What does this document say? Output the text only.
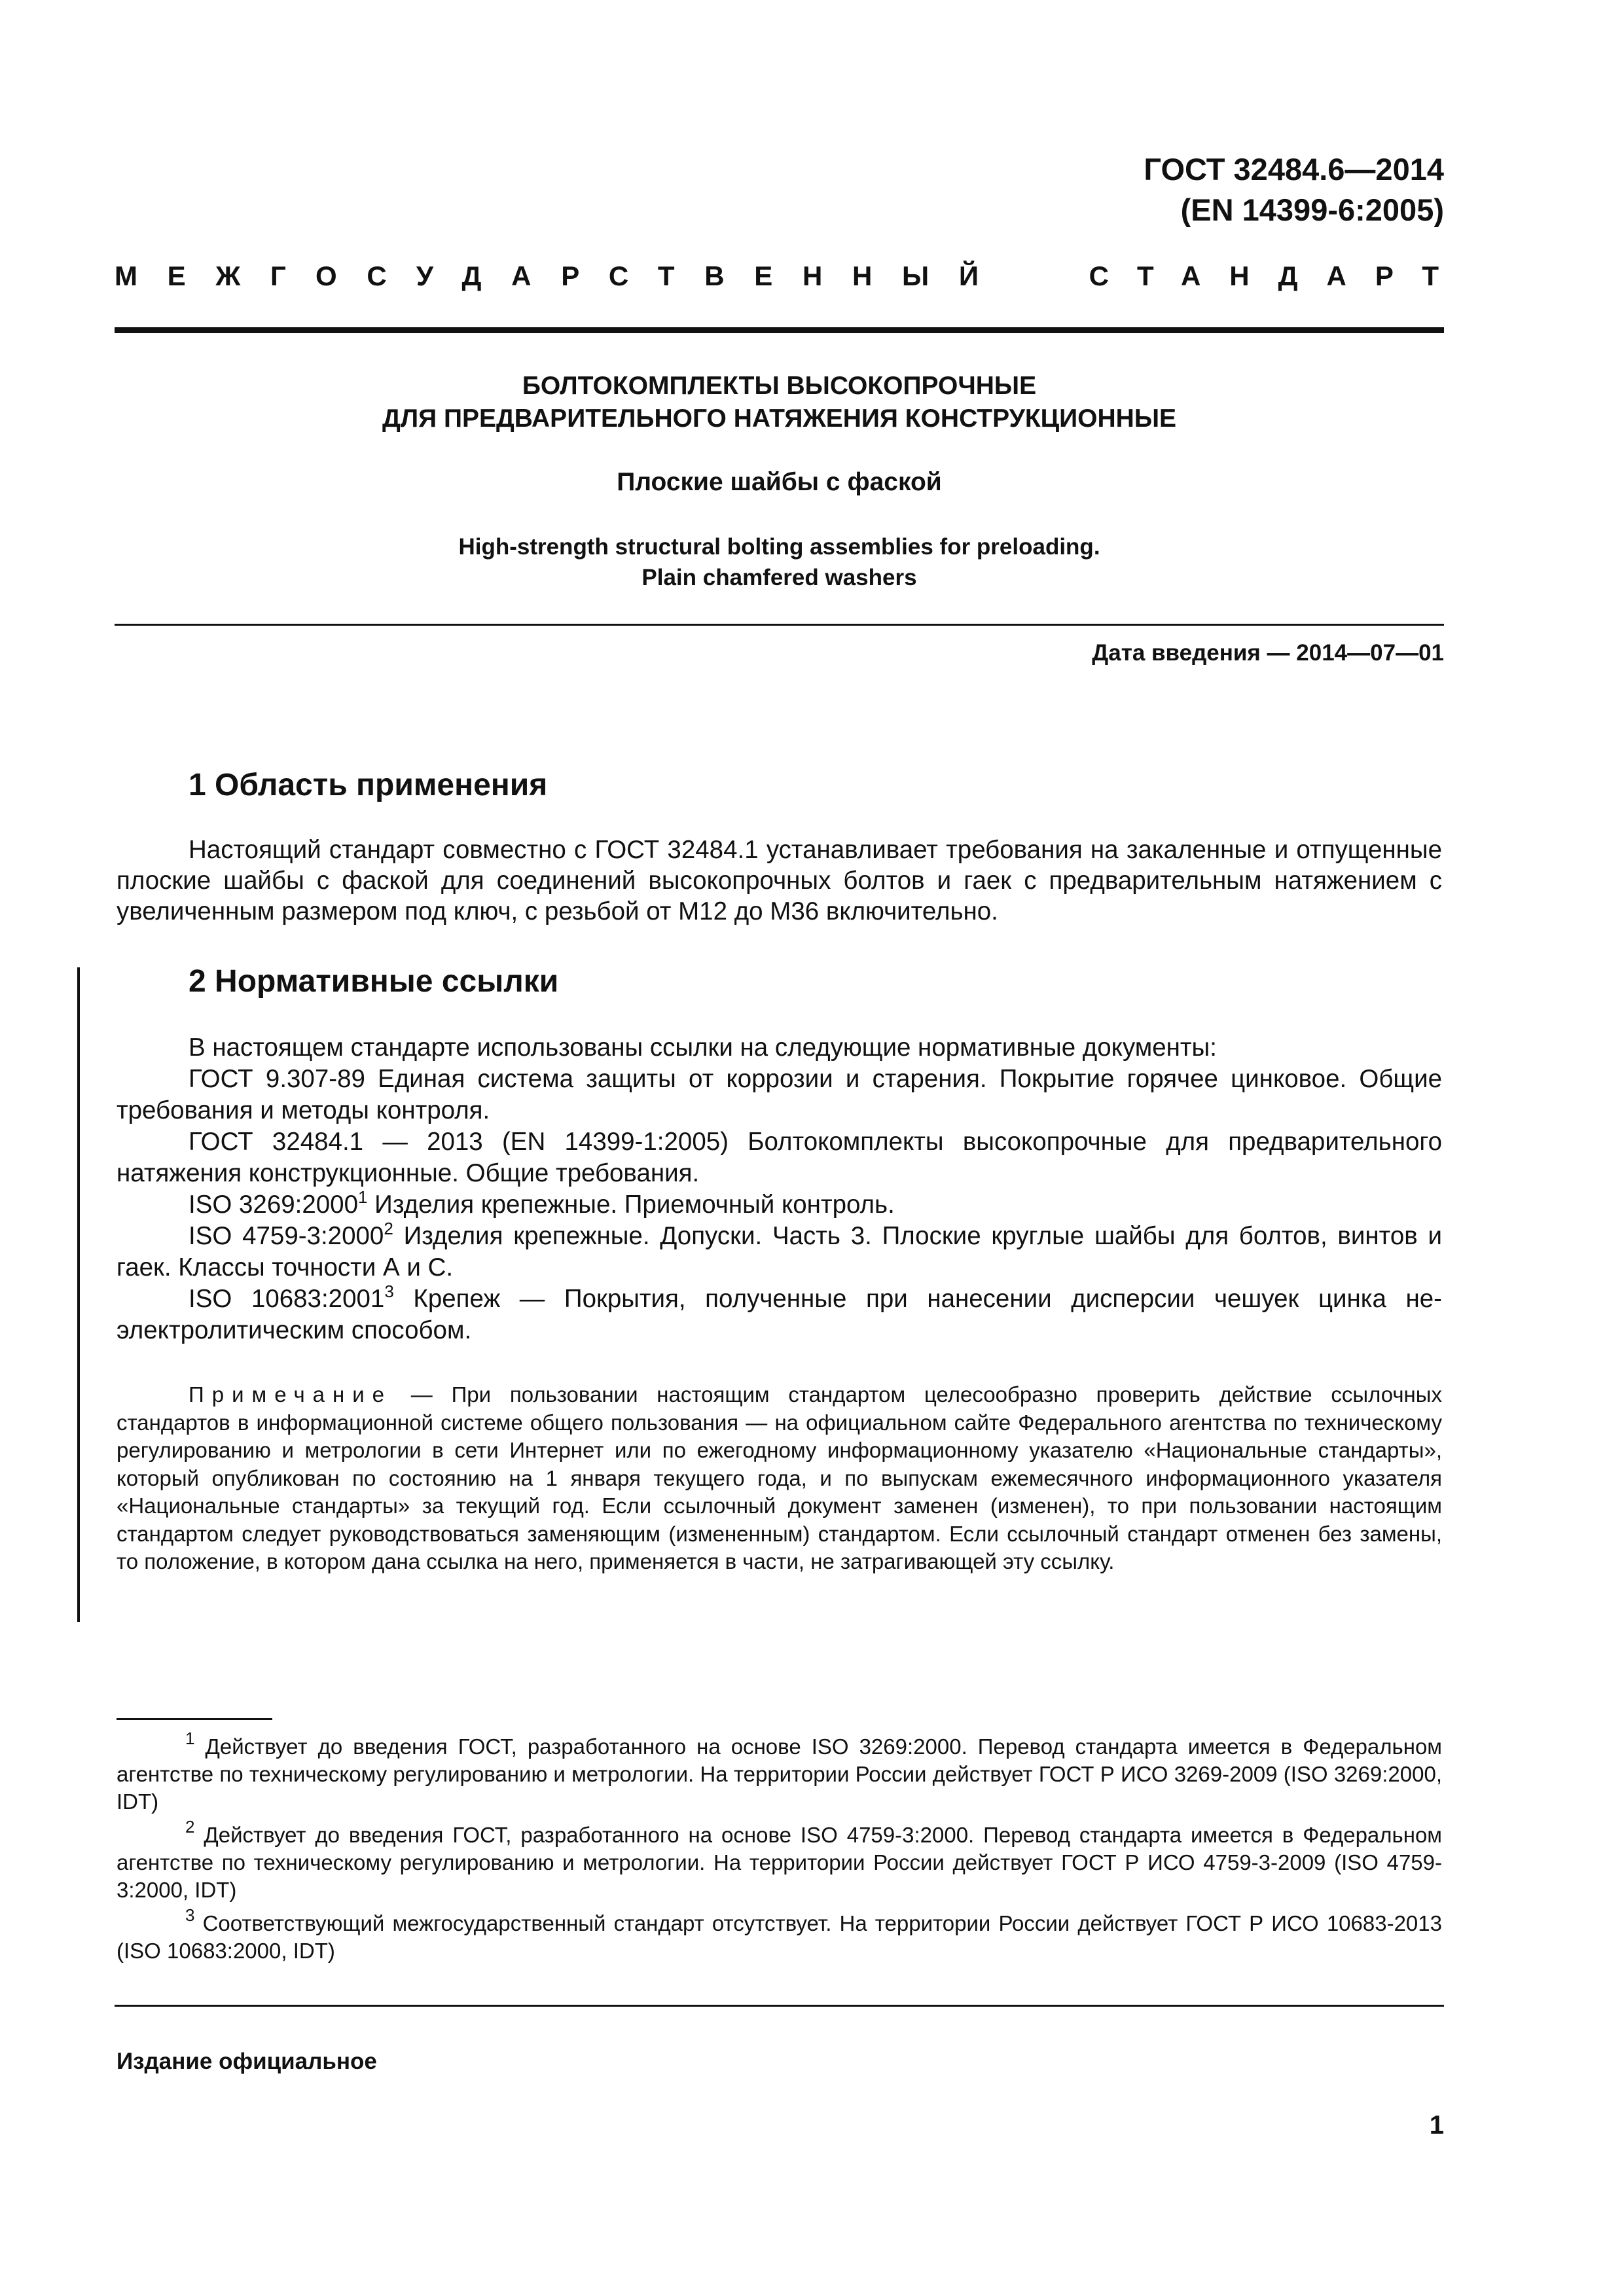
ГОСТ 32484.6—2014
(EN 14399-6:2005)
МЕЖГОСУДАРСТВЕННЫЙ	СТАНДАРТ
БОЛТОКОМПЛЕКТЫ ВЫСОКОПРОЧНЫЕ
ДЛЯ ПРЕДВАРИТЕЛЬНОГО НАТЯЖЕНИЯ КОНСТРУКЦИОННЫЕ
Плоские шайбы с фаской
High-strength structural bolting assemblies for preloading.
Plain chamfered washers
Дата введения — 2014—07—01
1 Область применения

Настоящий стандарт совместно с ГОСТ 32484.1 устанавливает требования на закаленные и отпущенные плоские шайбы с фаской для соединений высокопрочных болтов и гаек с предварительным натяжением с увеличенным размером под ключ, с резьбой от М12 до М36 включительно.

2 Нормативные ссылки

В настоящем стандарте использованы ссылки на следующие нормативные документы:

ГОСТ 9.307-89 Единая система защиты от коррозии и старения. Покрытие горячее цинковое. Общие требования и методы контроля.

ГОСТ 32484.1 — 2013 (EN 14399-1:2005) Болтокомплекты высокопрочные для предварительного натяжения конструкционные. Общие требования.

ISO 3269:2000$^1$ Изделия крепежные. Приемочный контроль.

ISO 4759-3:2000$^2$ Изделия крепежные. Допуски. Часть 3. Плоские круглые шайбы для болтов, винтов и гаек. Классы точности А и С.

ISO 10683:2001$^3$ Крепеж — Покрытия, полученные при нанесении дисперсии чешуек цинка неэлектролитическим способом.

Примечание — При пользовании настоящим стандартом целесообразно проверить действие ссылочных стандартов в информационной системе общего пользования — на официальном сайте Федерального агентства по техническому регулированию и метрологии в сети Интернет или по ежегодному информационному указателю «Национальные стандарты», который опубликован по состоянию на 1 января текущего года, и по выпускам ежемесячного информационного указателя «Национальные стандарты» за текущий год. Если ссылочный документ заменен (изменен), то при пользовании настоящим стандартом следует руководствоваться заменяющим (измененным) стандартом. Если ссылочный стандарт отменен без замены, то положение, в котором дана ссылка на него, применяется в части, не затрагивающей эту ссылку.

$^1$ Действует до введения ГОСТ, разработанного на основе ISO 3269:2000. Перевод стандарта имеется в Федеральном агентстве по техническому регулированию и метрологии. На территории России действует ГОСТ Р ИСО 3269-2009 (ISO 3269:2000, IDT)

$^2$ Действует до введения ГОСТ, разработанного на основе ISO 4759-3:2000. Перевод стандарта имеется в Федеральном агентстве по техническому регулированию и метрологии. На территории России действует ГОСТ Р ИСО 4759-3-2009 (ISO 4759-3:2000, IDT)

$^3$ Соответствующий межгосударственный стандарт отсутствует. На территории России действует ГОСТ Р ИСО 10683-2013 (ISO 10683:2000, IDT)

Издание официальное
1
